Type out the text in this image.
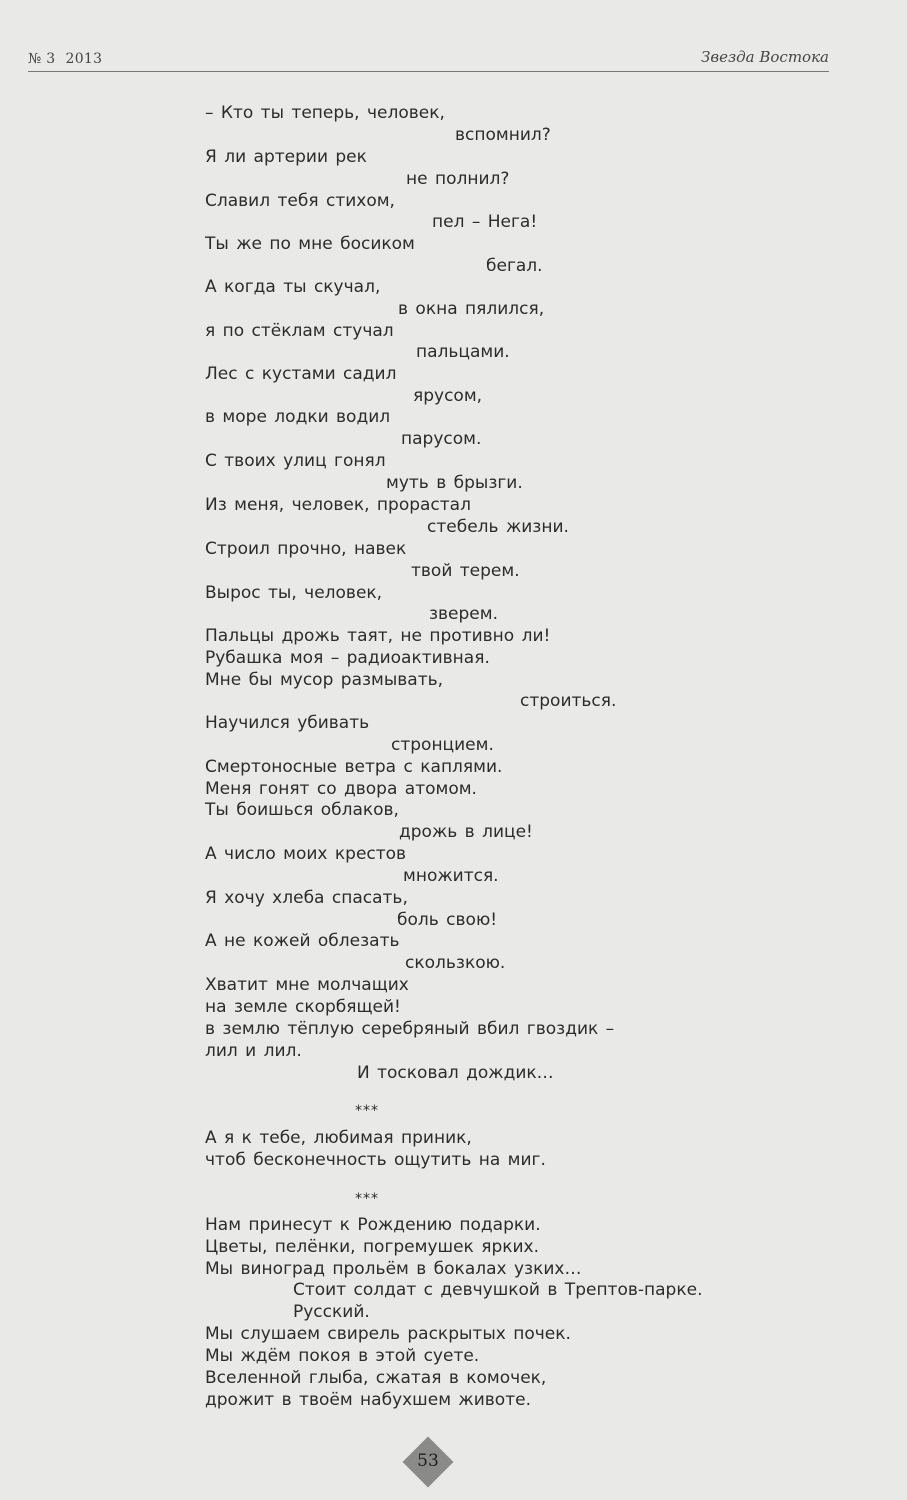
№ 3 2013	Звезда Востока
– Кто ты теперь, человек,
вспомнил?
Я ли артерии рек
не полнил?
Славил тебя стихом,
пел – Нега!
Ты же по мне босиком
бегал.
А когда ты скучал,
в окна пялился,
я по стёклам стучал
пальцами.
Лес с кустами садил
ярусом,
в море лодки водил
парусом.
С твоих улиц гонял
муть в брызги.
Из меня, человек, прорастал
стебель жизни.
Строил прочно, навек
твой терем.
Вырос ты, человек,
зверем.
Пальцы дрожь таят, не противно ли!
Рубашка моя – радиоактивная.
Мне бы мусор размывать,
строиться.
Научился убивать
стронцием.
Смертоносные ветра с каплями.
Меня гонят со двора атомом.
Ты боишься облаков,
дрожь в лице!
А число моих крестов
множится.
Я хочу хлеба спасать,
боль свою!
А не кожей облезать
скользкою.
Хватит мне молчащих
на земле скорбящей!
в землю тёплую серебряный вбил гвоздик –
лил и лил.
И тосковал дождик…
***
А я к тебе, любимая приник,
чтоб бесконечность ощутить на миг.
***
Нам принесут к Рождению подарки.
Цветы, пелёнки, погремушек ярких.
Мы виноград прольём в бокалах узких…
Стоит солдат с девчушкой в Трептов-парке.
Русский.
Мы слушаем свирель раскрытых почек.
Мы ждём покоя в этой суете.
Вселенной глыба, сжатая в комочек,
дрожит в твоём набухшем животе.
53
